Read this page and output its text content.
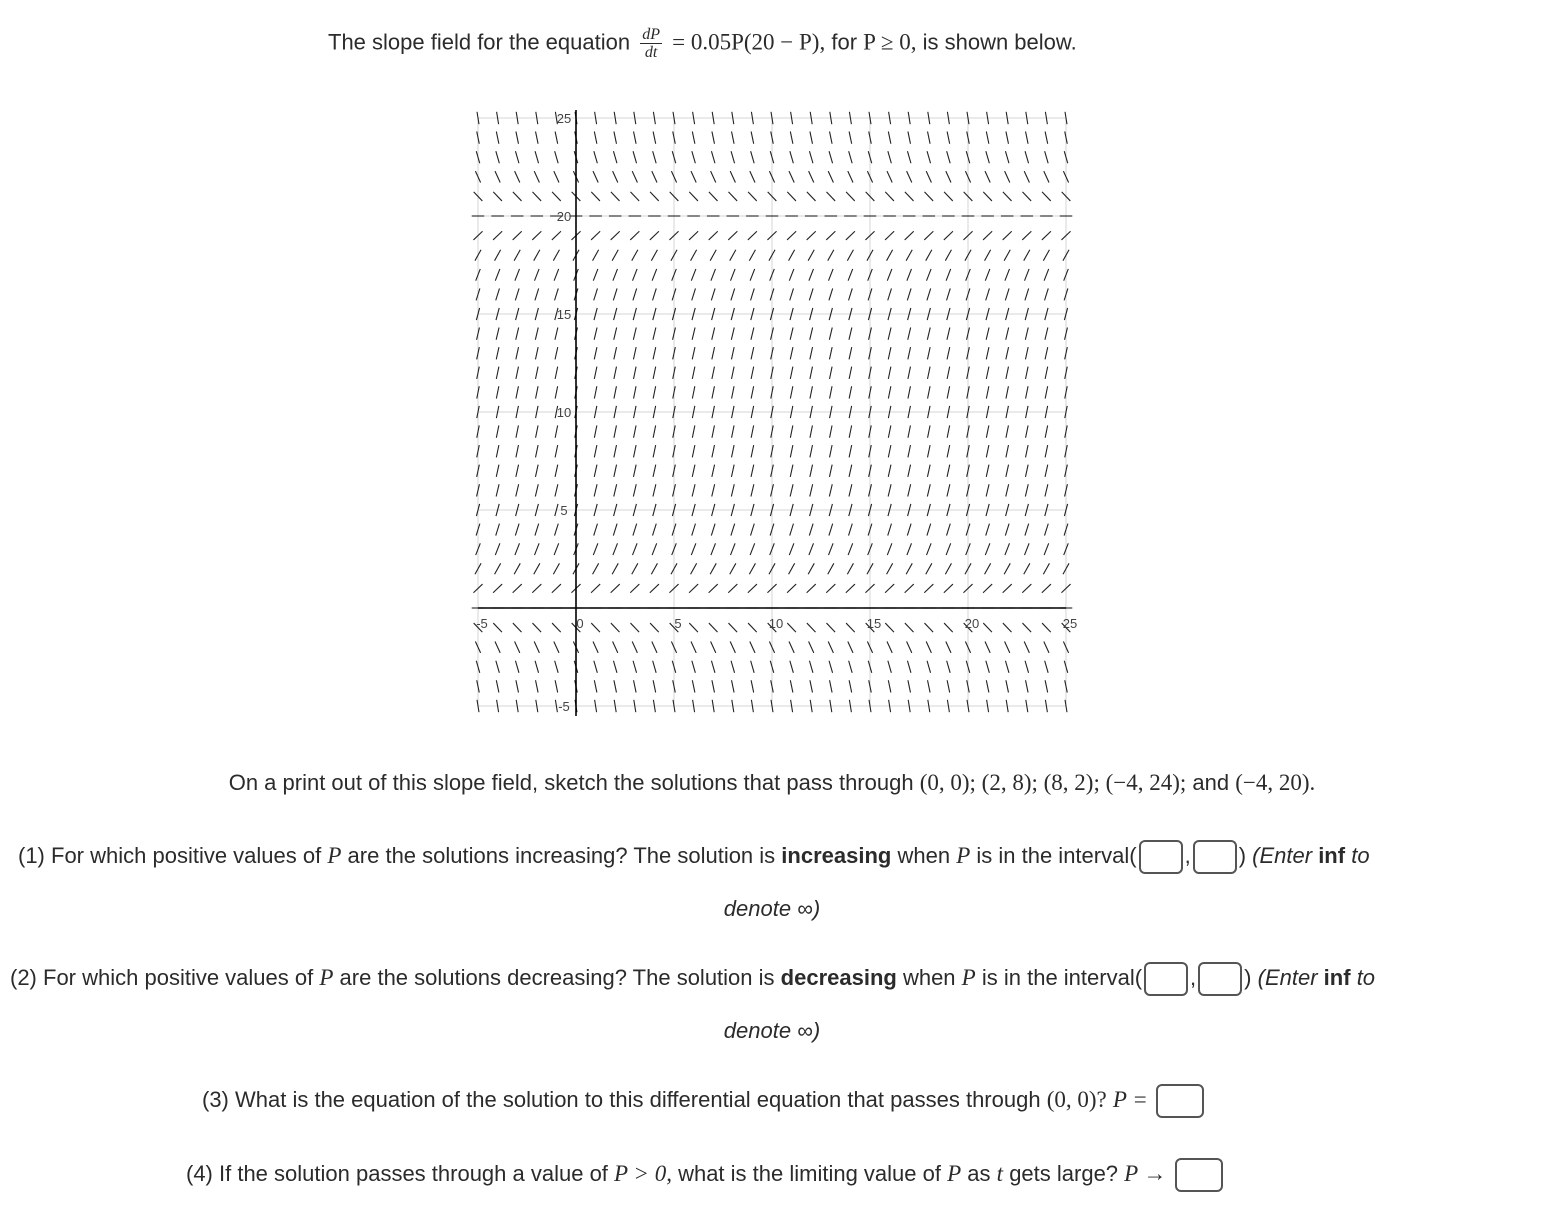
The slope field for the equation $\frac{dP}{dt} = 0.05P(20 - P)$, for P ≥ 0, is shown below.
-5	0	5	10	15	20	25
25
20
15
10
5
-5
On a print out of this slope field, sketch the solutions that pass through (0, 0); (2, 8); (8, 2); (−4, 24); and (−4, 20).
(1) For which positive values of P are the solutions increasing? The solution is increasing when P is in the interval( , ) (Enter inf to
denote ∞)
(2) For which positive values of P are the solutions decreasing? The solution is decreasing when P is in the interval( , ) (Enter inf to
denote ∞)
(3) What is the equation of the solution to this differential equation that passes through (0, 0)? P =
(4) If the solution passes through a value of P > 0, what is the limiting value of P as t gets large? P →
